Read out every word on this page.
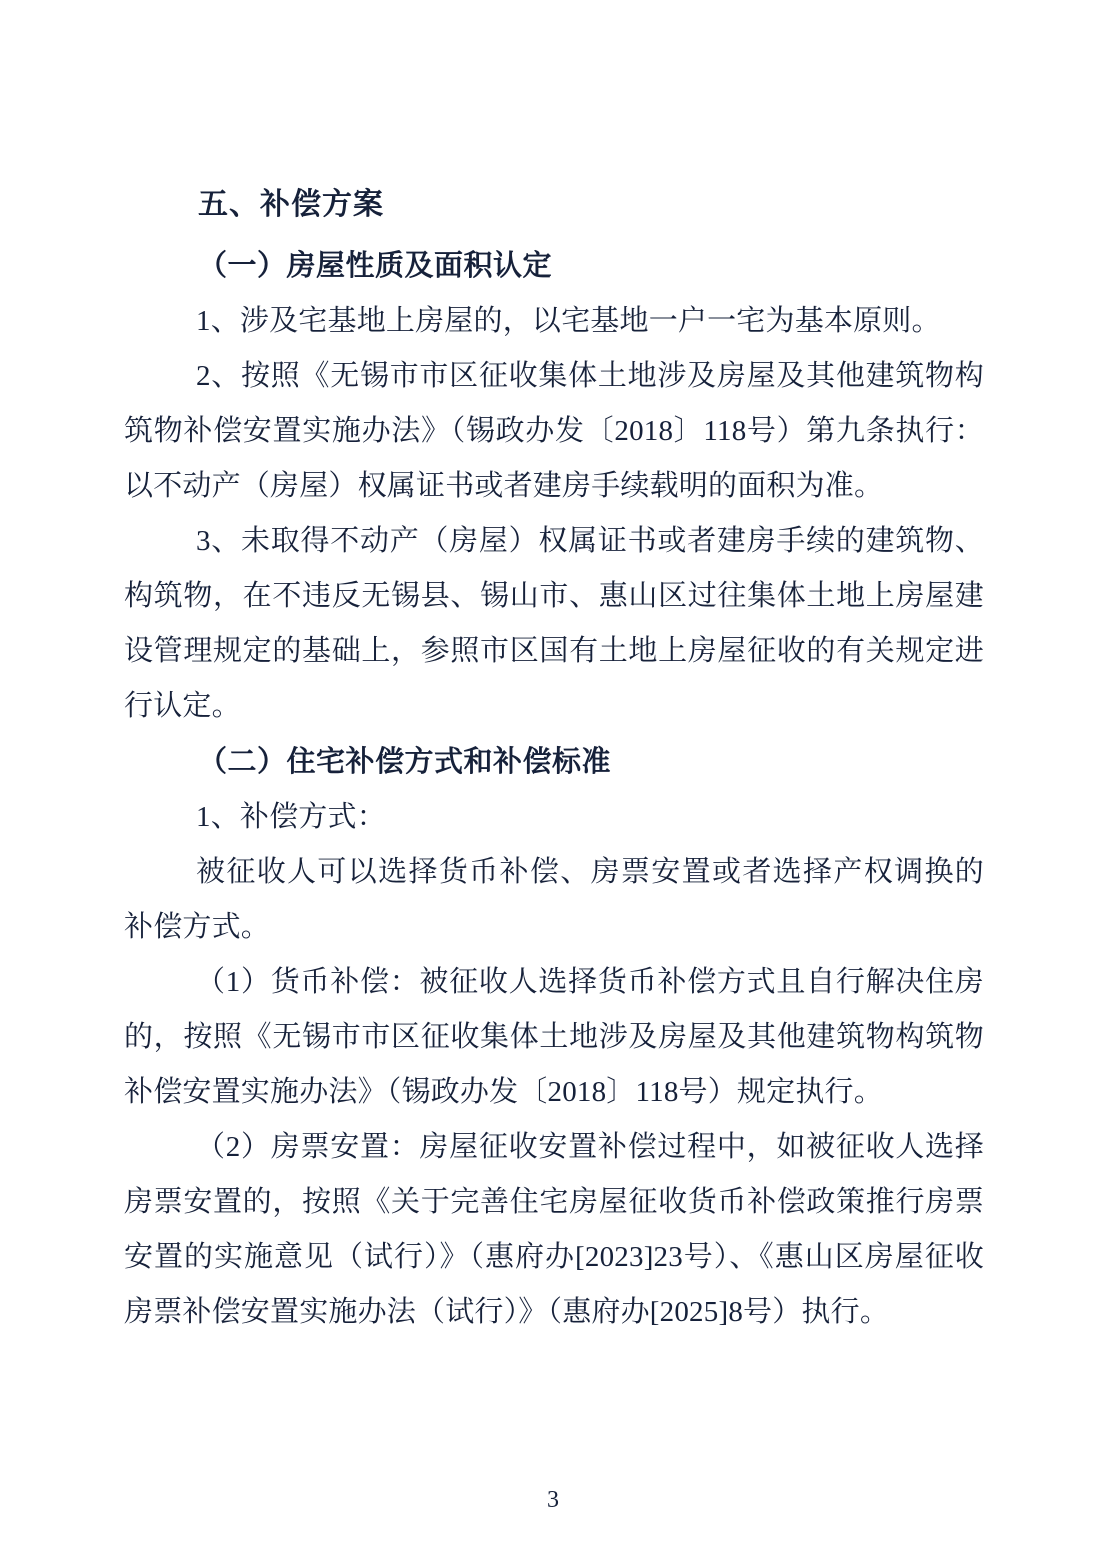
五、补偿方案
（一）房屋性质及面积认定

1、涉及宅基地上房屋的，以宅基地一户一宅为基本原则。

2、按照《无锡市市区征收集体土地涉及房屋及其他建筑物构筑物补偿安置实施办法》（锡政办发〔2018〕118号）第九条执行：以不动产（房屋）权属证书或者建房手续载明的面积为准。

3、未取得不动产（房屋）权属证书或者建房手续的建筑物、构筑物，在不违反无锡县、锡山市、惠山区过往集体土地上房屋建设管理规定的基础上，参照市区国有土地上房屋征收的有关规定进行认定。

（二）住宅补偿方式和补偿标准

1、补偿方式：

被征收人可以选择货币补偿、房票安置或者选择产权调换的补偿方式。

（1）货币补偿：被征收人选择货币补偿方式且自行解决住房的，按照《无锡市市区征收集体土地涉及房屋及其他建筑物构筑物补偿安置实施办法》（锡政办发〔2018〕118号）规定执行。

（2）房票安置：房屋征收安置补偿过程中，如被征收人选择房票安置的，按照《关于完善住宅房屋征收货币补偿政策推行房票安置的实施意见（试行）》（惠府办[2023]23号）、《惠山区房屋征收房票补偿安置实施办法（试行）》（惠府办[2025]8号）执行。

3
